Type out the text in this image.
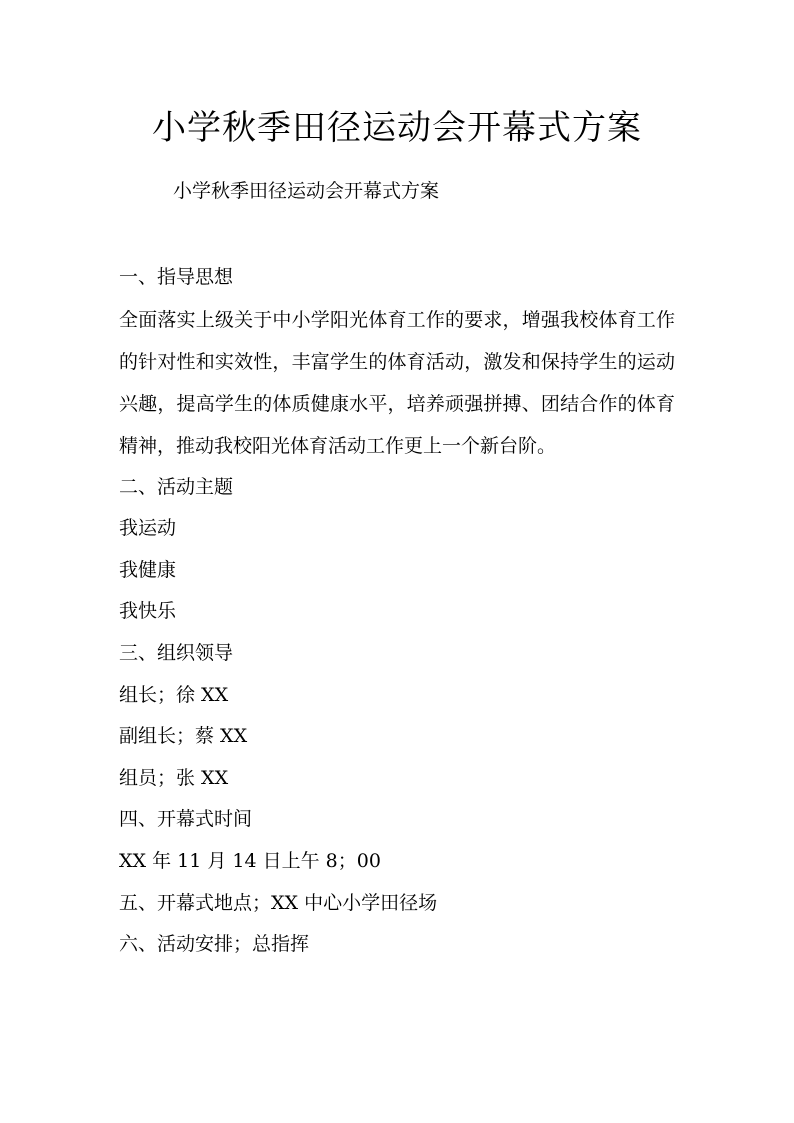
小学秋季田径运动会开幕式方案

小学秋季田径运动会开幕式方案

一、指导思想

全面落实上级关于中小学阳光体育工作的要求，增强我校体育工作的针对性和实效性，丰富学生的体育活动，激发和保持学生的运动兴趣，提高学生的体质健康水平，培养顽强拼搏、团结合作的体育精神，推动我校阳光体育活动工作更上一个新台阶。

二、活动主题

我运动

我健康

我快乐

三、组织领导

组长；徐 XX

副组长；蔡 XX

组员；张 XX

四、开幕式时间

XX 年 11 月 14 日上午 8；00

五、开幕式地点；XX 中心小学田径场

六、活动安排；总指挥
